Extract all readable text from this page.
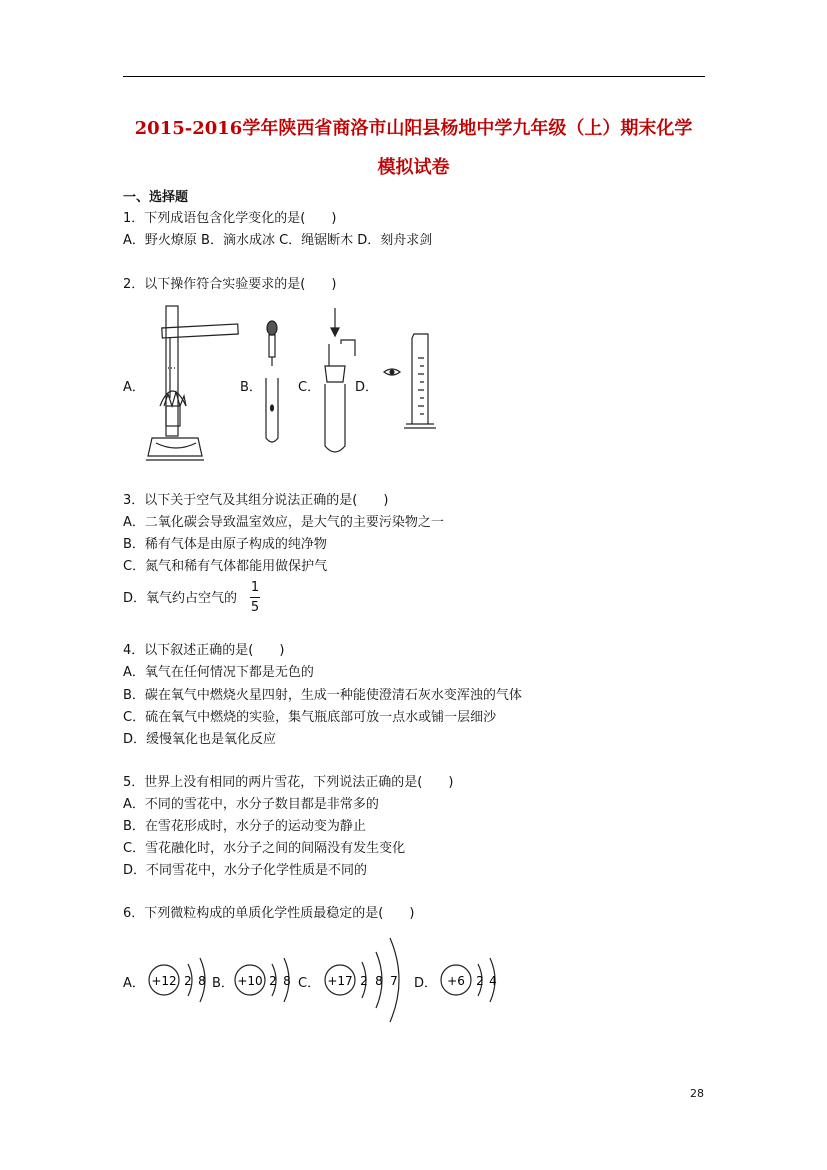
2015-2016学年陕西省商洛市山阳县杨地中学九年级（上）期末化学
模拟试卷
一、选择题
1．下列成语包含化学变化的是(　　)
A．野火燎原 B．滴水成冰 C．绳锯断木 D．刻舟求剑
2．以下操作符合实验要求的是(　　)
A．	B．	C．	D．
3．以下关于空气及其组分说法正确的是(　　)
A．二氧化碳会导致温室效应，是大气的主要污染物之一
B．稀有气体是由原子构成的纯净物
C．氮气和稀有气体都能用做保护气
D．氧气约占空气的
1
5
4．以下叙述正确的是(　　)
A．氧气在任何情况下都是无色的
B．碳在氧气中燃烧火星四射，生成一种能使澄清石灰水变浑浊的气体
C．硫在氧气中燃烧的实验，集气瓶底部可放一点水或铺一层细沙
D．缓慢氧化也是氧化反应
5．世界上没有相同的两片雪花，下列说法正确的是(　　)
A．不同的雪花中，水分子数目都是非常多的
B．在雪花形成时，水分子的运动变为静止
C．雪花融化时，水分子之间的间隔没有发生变化
D．不同雪花中，水分子化学性质是不同的
6．下列微粒构成的单质化学性质最稳定的是(　　)
A． +12 2 8 B． +10 2 8 C． +17 2 8 7 D． +6 2 4
28
